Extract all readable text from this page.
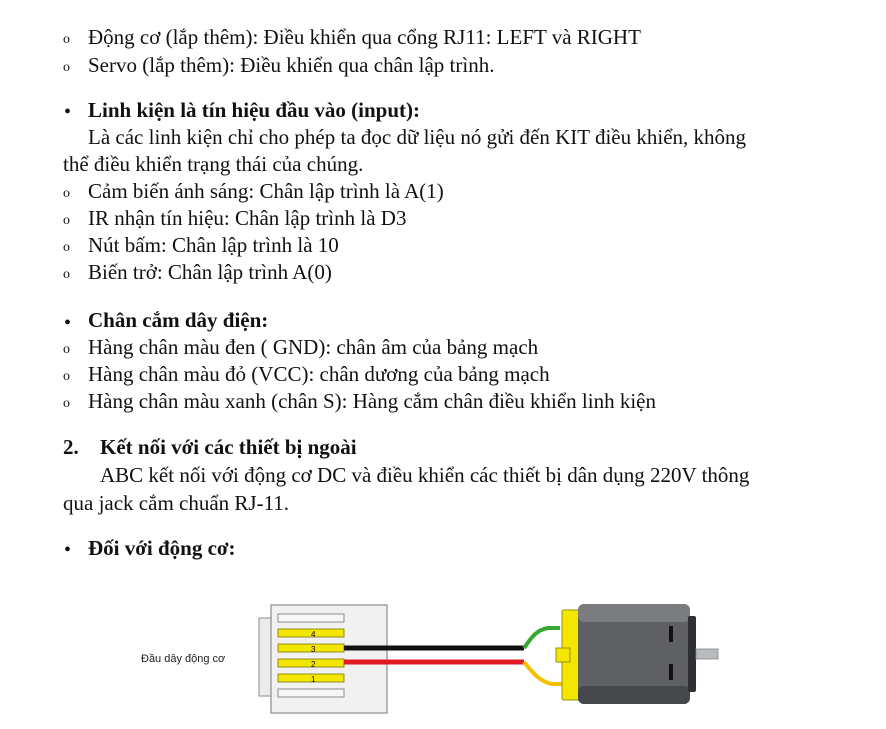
o Động cơ (lắp thêm): Điều khiển qua cổng RJ11: LEFT và RIGHT
o Servo (lắp thêm): Điều khiển qua chân lập trình.
• Linh kiện là tín hiệu đầu vào (input):
Là các linh kiện chỉ cho phép ta đọc dữ liệu nó gửi đến KIT điều khiển, không
thể điều khiển trạng thái của chúng.
o Cảm biến ánh sáng: Chân lập trình là A(1)
o IR nhận tín hiệu: Chân lập trình là D3
o Nút bấm: Chân lập trình là 10
o Biến trở: Chân lập trình A(0)
• Chân cắm dây điện:
o Hàng chân màu đen ( GND): chân âm của bảng mạch
o Hàng chân màu đỏ (VCC): chân dương của bảng mạch
o Hàng chân màu xanh (chân S): Hàng cắm chân điều khiển linh kiện
2. Kết nối với các thiết bị ngoài
ABC kết nối với động cơ DC và điều khiển các thiết bị dân dụng 220V thông
qua jack cắm chuẩn RJ-11.
• Đối với động cơ:
Đầu dây động cơ
4
3
2
1
